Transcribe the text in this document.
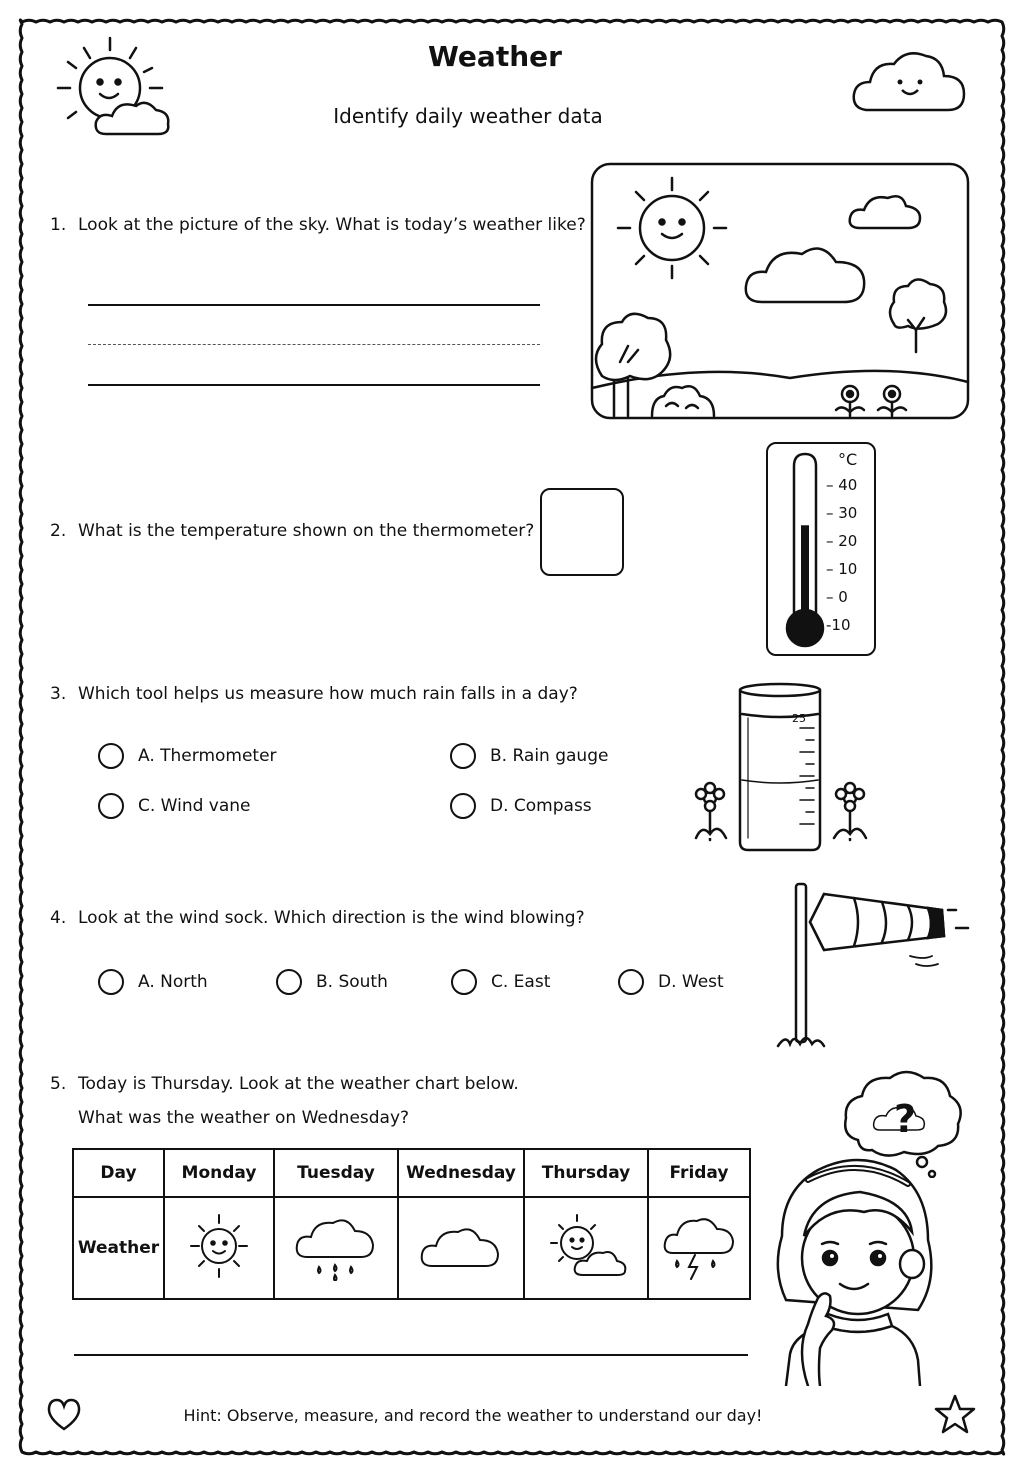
Weather
Identify daily weather data
1. Look at the picture of the sky. What is today’s weather like?
2. What is the temperature shown on the thermometer?
°C
– 40
– 30
– 20
– 10
– 0
-10
3. Which tool helps us measure how much rain falls in a day?
A. Thermometer	B. Rain gauge
C. Wind vane	D. Compass
25
4. Look at the wind sock. Which direction is the wind blowing?
A. North	B. South	C. East	D. West
5. Today is Thursday. Look at the weather chart below.
What was the weather on Wednesday?
Day	Monday	Tuesday	Wednesday	Thursday	Friday
Weather					
?
Hint: Observe, measure, and record the weather to understand our day!
